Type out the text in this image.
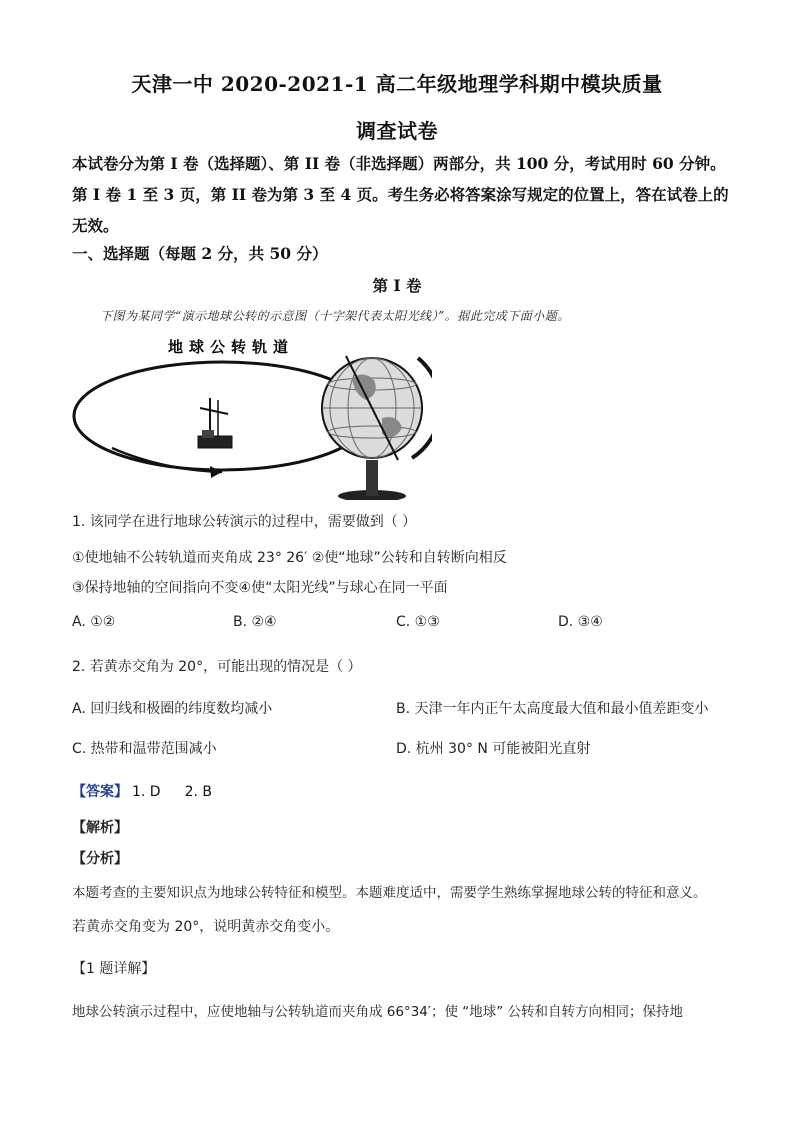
天津一中 2020-2021-1 高二年级地理学科期中模块质量
调查试卷
本试卷分为第 I 卷（选择题）、第 II 卷（非选择题）两部分，共 100 分，考试用时 60 分钟。
第 I 卷 1 至 3 页，第 II 卷为第 3 至 4 页。考生务必将答案涂写规定的位置上，答在试卷上的
无效。
一、选择题（每题 2 分，共 50 分）
第 I 卷
下图为某同学“演示地球公转的示意图（十字架代表太阳光线）”。据此完成下面小题。
地球公转轨道
1. 该同学在进行地球公转演示的过程中，需要做到（ ）
①使地轴不公转轨道而夹角成 23° 26′ ②使“地球”公转和自转断向相反
③保持地轴的空间指向不变④使“太阳光线”与球心在同一平面
A. ①②	B. ②④	C. ①③	D. ③④
2. 若黄赤交角为 20°，可能出现的情况是（ ）
A. 回归线和极圈的纬度数均减小	B. 天津一年内正午太高度最大值和最小值差距变小
C. 热带和温带范围减小	D. 杭州 30° N 可能被阳光直射
【答案】 1. D 2. B
【解析】
【分析】
本题考查的主要知识点为地球公转特征和模型。本题难度适中，需要学生熟练掌握地球公转的特征和意义。
若黄赤交角变为 20°，说明黄赤交角变小。
【1 题详解】
地球公转演示过程中，应使地轴与公转轨道而夹角成 66°34′；使 “地球” 公转和自转方向相同；保持地
